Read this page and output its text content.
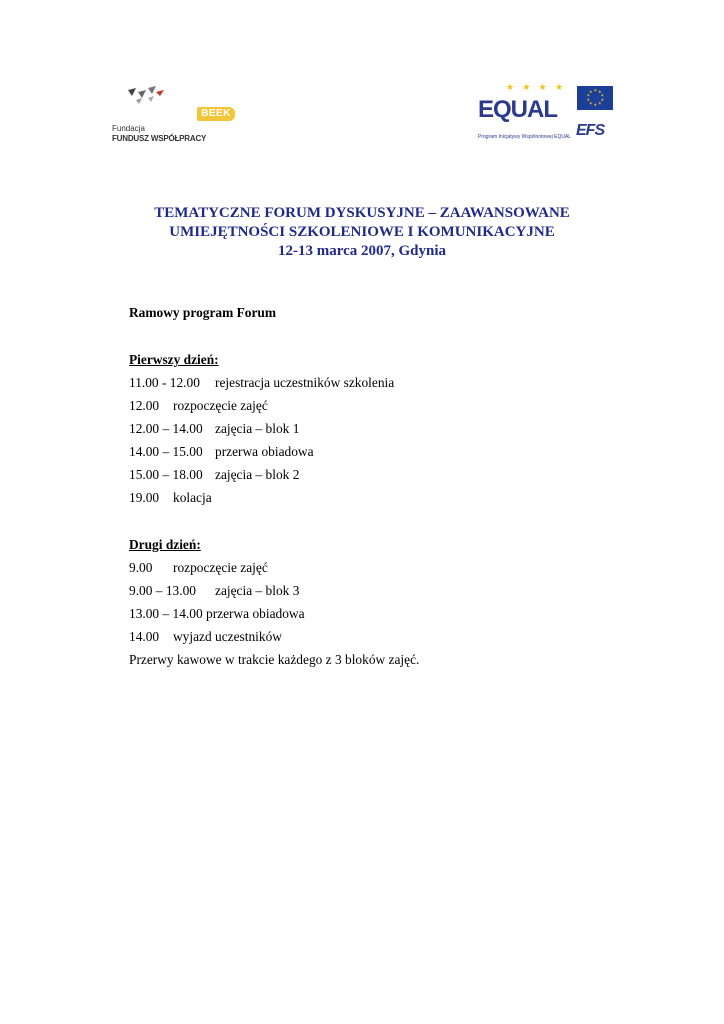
Fundacja
FUNDUSZ WSPÓŁPRACY
BEEK
★ ★ ★ ★
EQUAL
Program Inicjatywy Wspólnotowej EQUAL
★ ★
★
★
★
★
★
★
★
★
EFS
TEMATYCZNE FORUM DYSKUSYJNE – ZAAWANSOWANE
UMIEJĘTNOŚCI SZKOLENIOWE I KOMUNIKACYJNE
12-13 marca 2007, Gdynia
Ramowy program Forum
Pierwszy dzień:
11.00 - 12.00 rejestracja uczestników szkolenia
12.00 rozpoczęcie zajęć
12.00 – 14.00 zajęcia – blok 1
14.00 – 15.00 przerwa obiadowa
15.00 – 18.00 zajęcia – blok 2
19.00 kolacja
Drugi dzień:
9.00 rozpoczęcie zajęć
9.00 – 13.00 zajęcia – blok 3
13.00 – 14.00 przerwa obiadowa
14.00 wyjazd uczestników
Przerwy kawowe w trakcie każdego z 3 bloków zajęć.
